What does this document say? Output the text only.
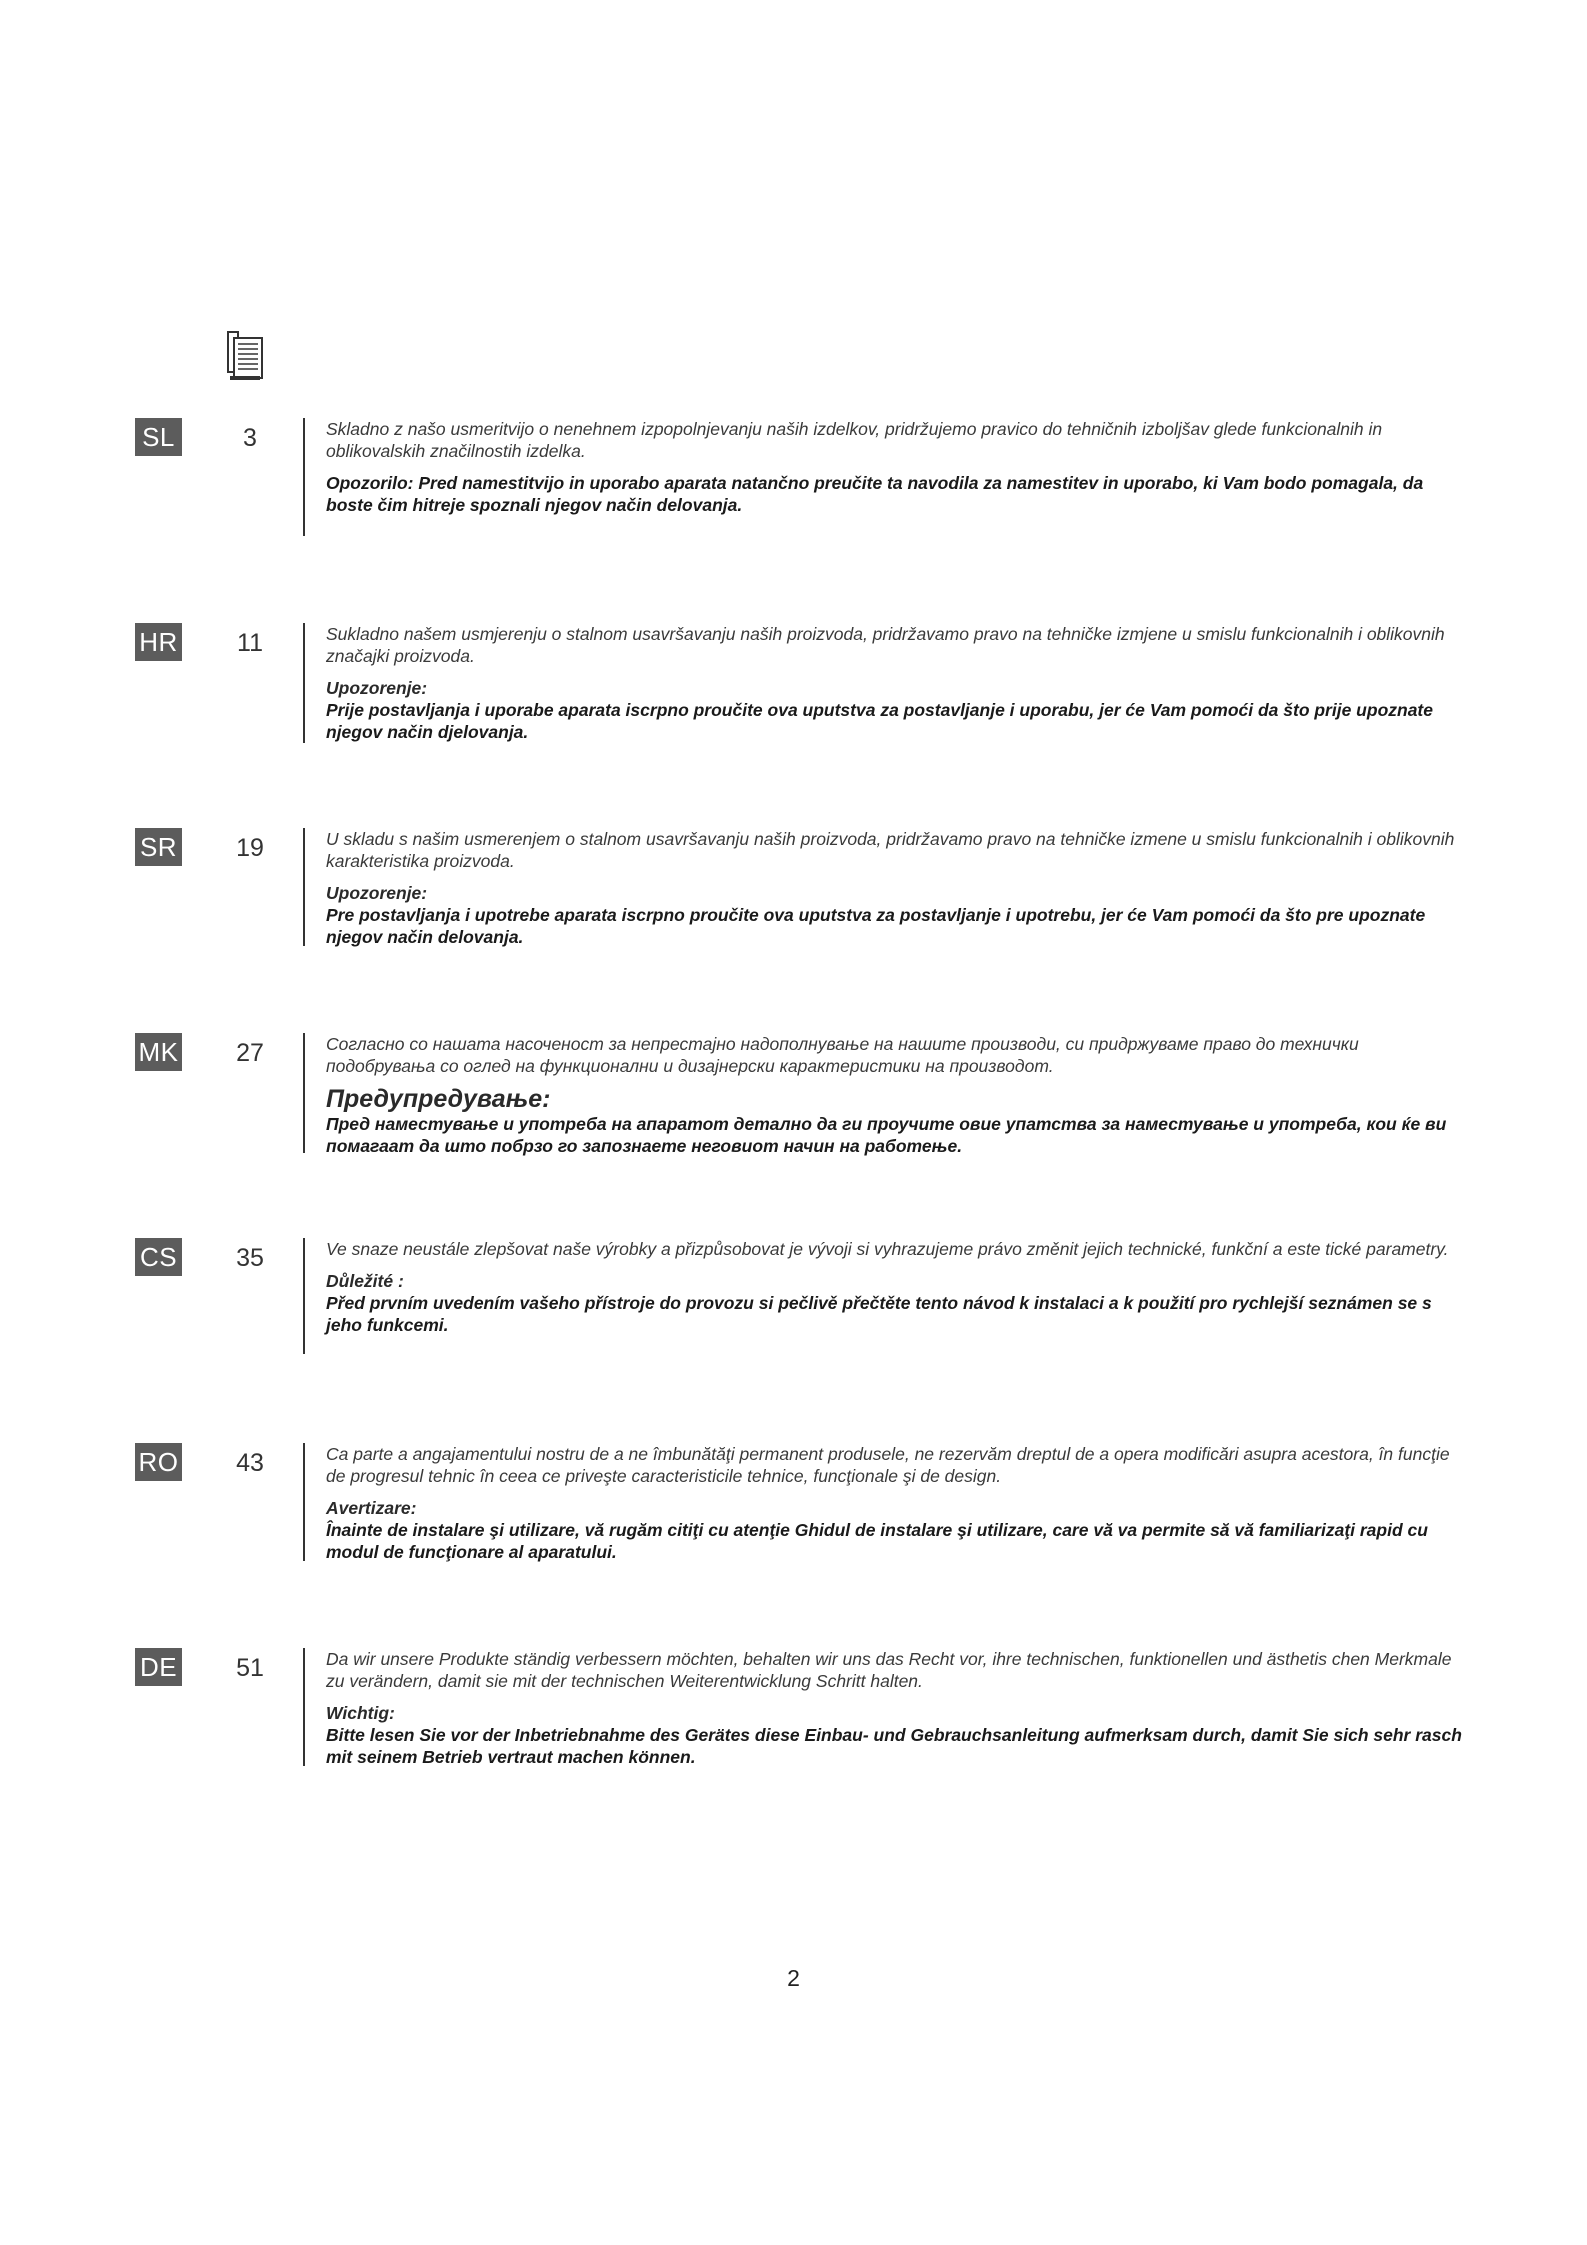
SL	3	Skladno z našo usmeritvijo o nenehnem izpopolnjevanju naših izdelkov, pridržujemo pravico do tehničnih izboljšav glede funkcionalnih in oblikovalskih značilnostih izdelka.

Opozorilo: Pred namestitvijo in uporabo aparata natančno preučite ta navodila za namestitev in uporabo, ki Vam bodo pomagala, da boste čim hitreje spoznali njegov način delovanja.

HR	11	Sukladno našem usmjerenju o stalnom usavršavanju naših proizvoda, pridržavamo pravo na tehničke izmjene u smislu funkcionalnih i oblikovnih značajki proizvoda.

Upozorenje:

Prije postavljanja i uporabe aparata iscrpno proučite ova uputstva za postavljanje i uporabu, jer će Vam pomoći da što prije upoznate njegov način djelovanja.

SR	19	U skladu s našim usmerenjem o stalnom usavršavanju naših proizvoda, pridržavamo pravo na tehničke izmene u smislu funkcionalnih i oblikovnih karakteristika proizvoda.

Upozorenje:

Pre postavljanja i upotrebe aparata iscrpno proučite ova uputstva za postavljanje i upotrebu, jer će Vam pomoći da što pre upoznate njegov način delovanja.

MK	27	Согласно со нашата насоченост за непрестајно надополнување на нашите производи, си придржуваме право до технички подобрувања со оглед на функционални и дизајнерски карактеристики на производот.

Предупредување:

Пред наместување и употреба на апаратот детално да ги проучите овие упатства за наместување и употреба, кои ќе ви помагаат да што побрзо го запознаете неговиот начин на работење.

CS	35	Ve snaze neustále zlepšovat naše výrobky a přizpůsobovat je vývoji si vyhrazujeme právo změnit jejich technické, funkční a este tické parametry.

Důležité :

Před prvním uvedením vašeho přístroje do provozu si pečlivě přečtěte tento návod k instalaci a k použití pro rychlejší seznámen se s jeho funkcemi.

RO	43	Ca parte a angajamentului nostru de a ne îmbunătăţi permanent produsele, ne rezervăm dreptul de a opera modificări asupra acestora, în funcţie de progresul tehnic în ceea ce priveşte caracteristicile tehnice, funcţionale şi de design.

Avertizare:

Înainte de instalare şi utilizare, vă rugăm citiţi cu atenţie Ghidul de instalare şi utilizare, care vă va permite să vă familiarizaţi rapid cu modul de funcţionare al aparatului.

DE	51	Da wir unsere Produkte ständig verbessern möchten, behalten wir uns das Recht vor, ihre technischen, funktionellen und ästhetis chen Merkmale zu verändern, damit sie mit der technischen Weiterentwicklung Schritt halten.

Wichtig:

Bitte lesen Sie vor der Inbetriebnahme des Gerätes diese Einbau- und Gebrauchsanleitung aufmerksam durch, damit Sie sich sehr rasch mit seinem Betrieb vertraut machen können.

2
